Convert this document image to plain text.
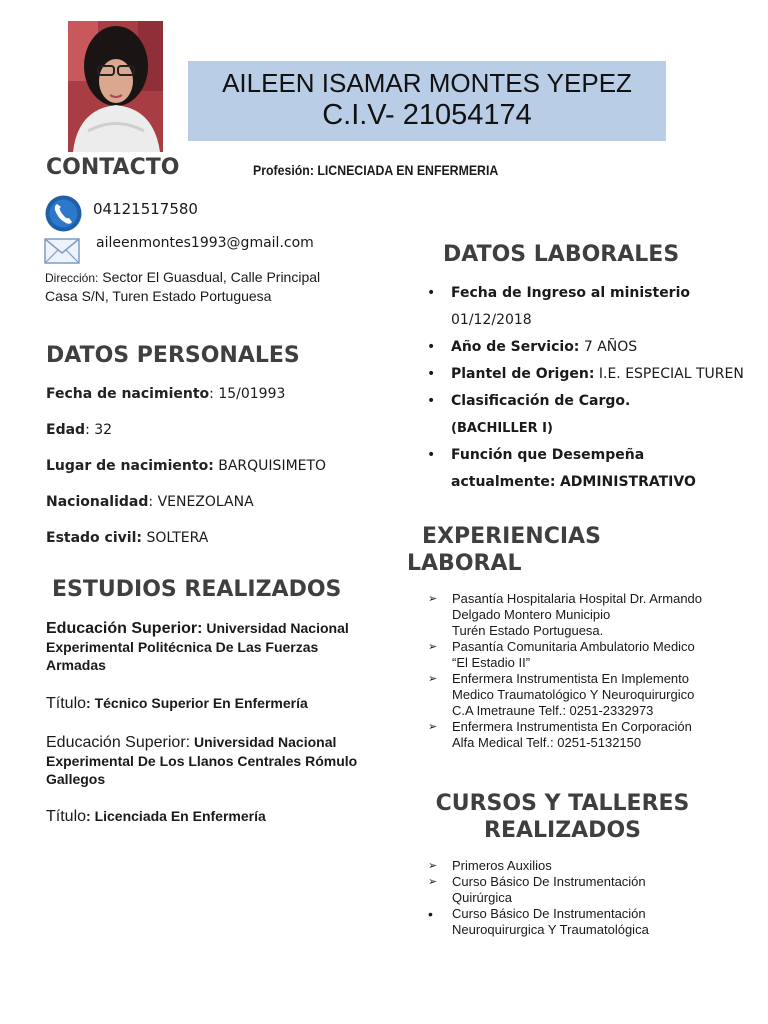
AILEEN ISAMAR MONTES YEPEZ
C.I.V- 21054174
CONTACTO	Profesión: LICNECIADA EN ENFERMERIA
04121517580
aileenmontes1993@gmail.com
Dirección: Sector El Guasdual, Calle Principal
Casa S/N, Turen Estado Portuguesa
DATOS PERSONALES
Fecha de nacimiento: 15/01993
Edad: 32
Lugar de nacimiento: BARQUISIMETO
Nacionalidad: VENEZOLANA
Estado civil: SOLTERA
ESTUDIOS REALIZADOS
Educación Superior: Universidad Nacional Experimental Politécnica De Las Fuerzas Armadas
Título: Técnico Superior En Enfermería
Educación Superior: Universidad Nacional Experimental De Los Llanos Centrales Rómulo Gallegos
Título: Licenciada En Enfermería
DATOS LABORALES
• Fecha de Ingreso al ministerio
01/12/2018
• Año de Servicio: 7 AÑOS
• Plantel de Origen: I.E. ESPECIAL TUREN
• Clasificación de Cargo.
(BACHILLER I)
• Función que Desempeña actualmente: ADMINISTRATIVO
EXPERIENCIAS
LABORAL
➢ Pasantía Hospitalaria Hospital Dr. Armando
Delgado Montero Municipio
Turén Estado Portuguesa.
➢ Pasantía Comunitaria Ambulatorio Medico
“El Estadio II”
➢ Enfermera Instrumentista En Implemento
Medico Traumatológico Y Neuroquirurgico
C.A Imetraune Telf.: 0251-2332973
➢ Enfermera Instrumentista En Corporación
Alfa Medical Telf.: 0251-5132150
CURSOS Y TALLERES
REALIZADOS
➢ Primeros Auxilios
➢ Curso Básico De Instrumentación
Quirúrgica
• Curso Básico De Instrumentación
Neuroquirurgica Y Traumatológica
